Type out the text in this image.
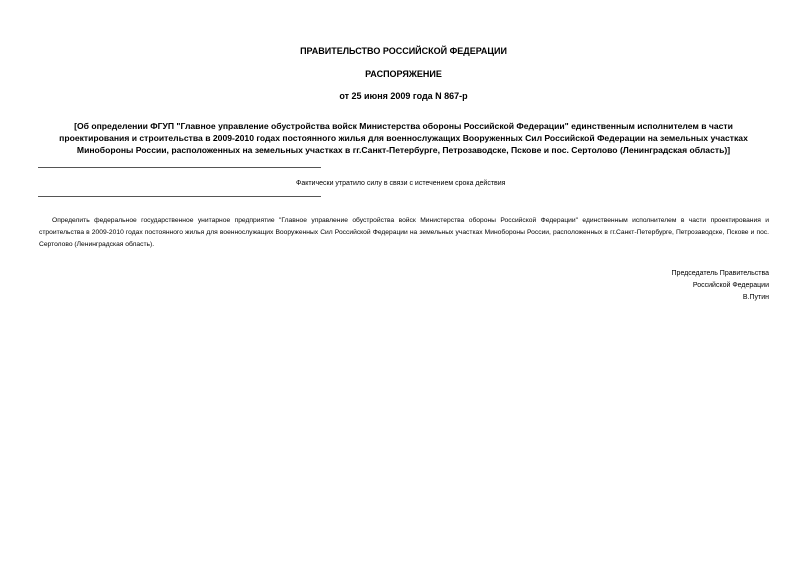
ПРАВИТЕЛЬСТВО РОССИЙСКОЙ ФЕДЕРАЦИИ
РАСПОРЯЖЕНИЕ
от 25 июня 2009 года N 867-р
[Об определении ФГУП "Главное управление обустройства войск Министерства обороны Российской Федерации" единственным исполнителем в части проектирования и строительства в 2009-2010 годах постоянного жилья для военнослужащих Вооруженных Сил Российской Федерации на земельных участках Минобороны России, расположенных на земельных участках в гг.Санкт-Петербурге, Петрозаводске, Пскове и пос. Сертолово (Ленинградская область)]
Фактически утратило силу в связи с истечением срока действия
Определить федеральное государственное унитарное предприятие "Главное управление обустройства войск Министерства обороны Российской Федерации" единственным исполнителем в части проектирования и строительства в 2009-2010 годах постоянного жилья для военнослужащих Вооруженных Сил Российской Федерации на земельных участках Минобороны России, расположенных в гг.Санкт-Петербурге, Петрозаводске, Пскове и пос. Сертолово (Ленинградская область).
Председатель Правительства
Российской Федерации
В.Путин
